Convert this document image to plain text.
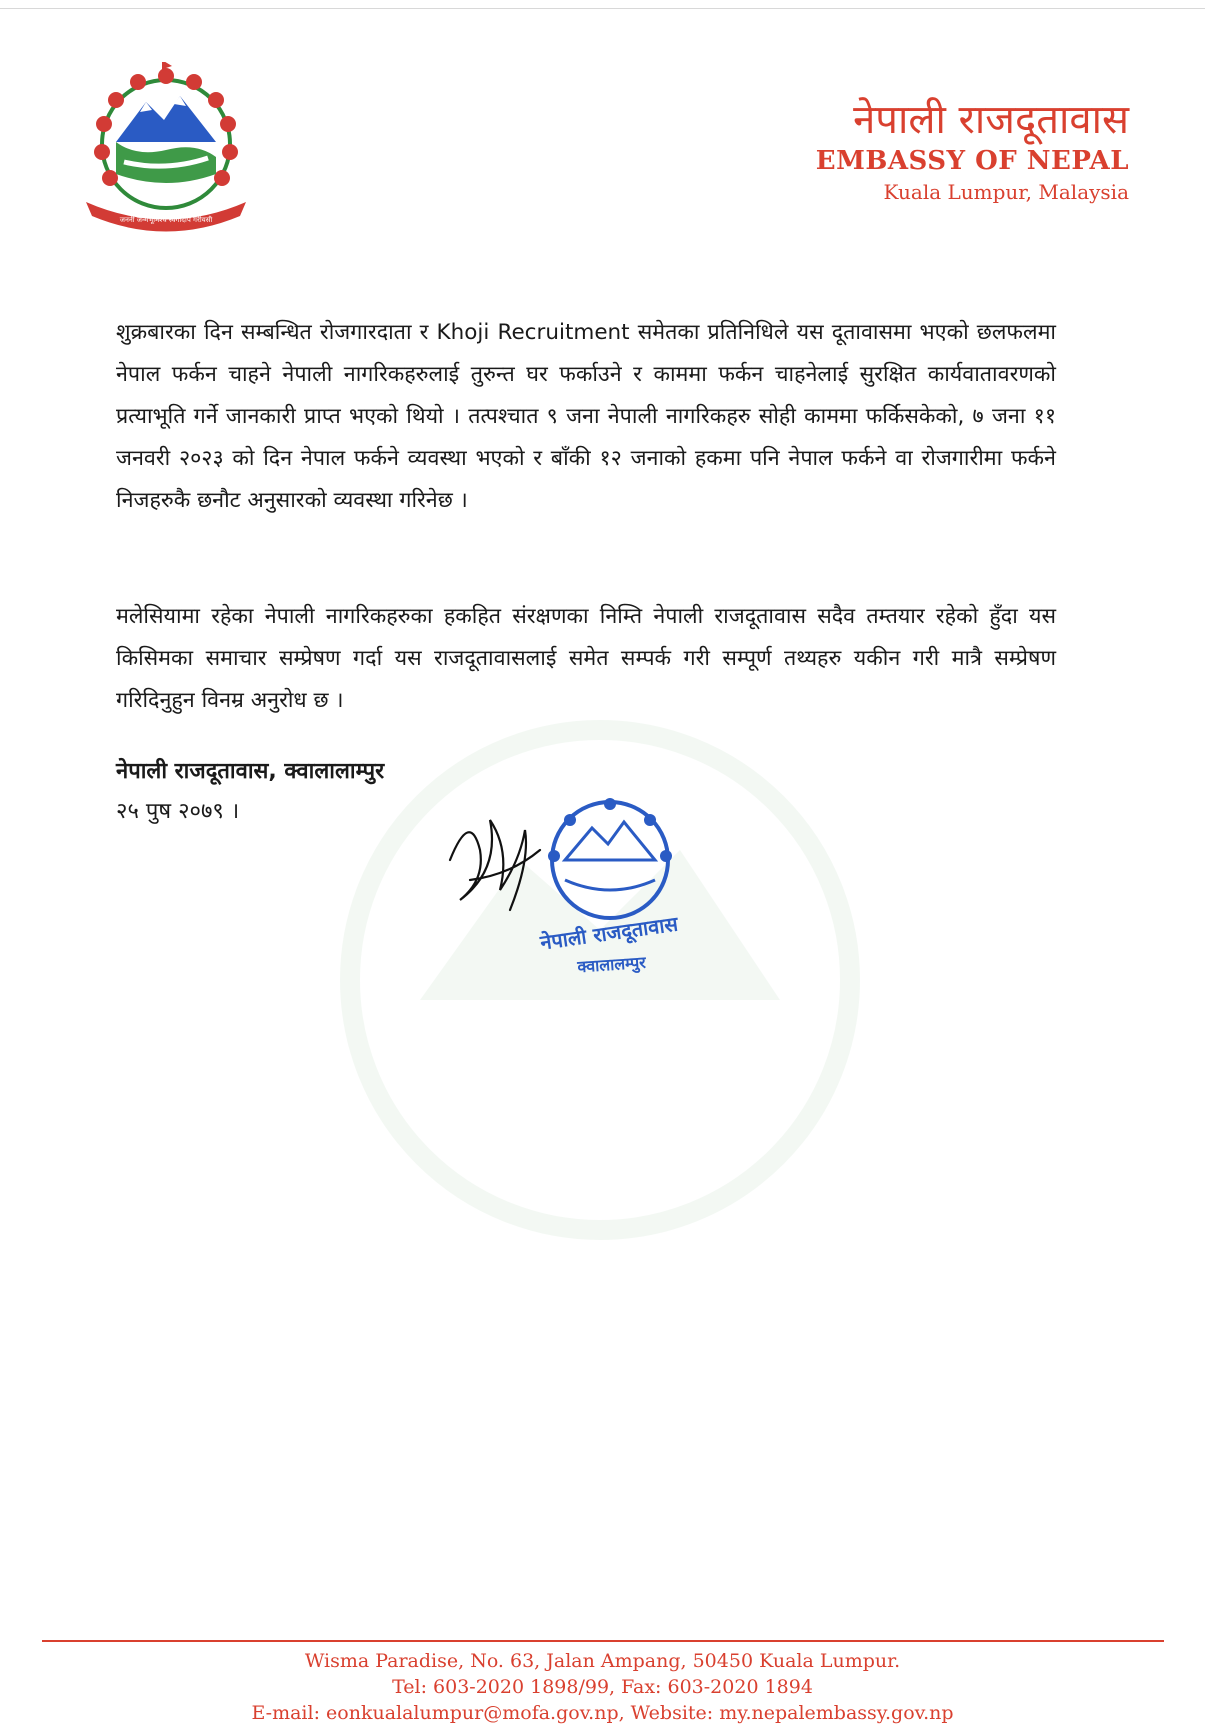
जननी जन्मभूमिश्च स्वर्गादपि गरीयसी
नेपाली राजदूतावास
EMBASSY OF NEPAL
Kuala Lumpur, Malaysia
शुक्रबारका दिन सम्बन्धित रोजगारदाता र Khoji Recruitment समेतका प्रतिनिधिले यस दूतावासमा भएको छलफलमा नेपाल फर्कन चाहने नेपाली नागरिकहरुलाई तुरुन्त घर फर्काउने र काममा फर्कन चाहनेलाई सुरक्षित कार्यवातावरणको प्रत्याभूति गर्ने जानकारी प्राप्त भएको थियो । तत्पश्चात ९ जना नेपाली नागरिकहरु सोही काममा फर्किसकेको, ७ जना ११ जनवरी २०२३ को दिन नेपाल फर्कने व्यवस्था भएको र बाँकी १२ जनाको हकमा पनि नेपाल फर्कने वा रोजगारीमा फर्कने निजहरुकै छनौट अनुसारको व्यवस्था गरिनेछ ।
मलेसियामा रहेका नेपाली नागरिकहरुका हकहित संरक्षणका निम्ति नेपाली राजदूतावास सदैव तम्तयार रहेको हुँदा यस किसिमका समाचार सम्प्रेषण गर्दा यस राजदूतावासलाई समेत सम्पर्क गरी सम्पूर्ण तथ्यहरु यकीन गरी मात्रै सम्प्रेषण गरिदिनुहुन विनम्र अनुरोध छ ।
नेपाली राजदूतावास, क्वालालाम्पुर
२५ पुष २०७९ ।
नेपाली राजदूतावास
क्वालालम्पुर
Wisma Paradise, No. 63, Jalan Ampang, 50450 Kuala Lumpur.
Tel: 603-2020 1898/99, Fax: 603-2020 1894
E-mail: eonkualalumpur@mofa.gov.np, Website: my.nepalembassy.gov.np
